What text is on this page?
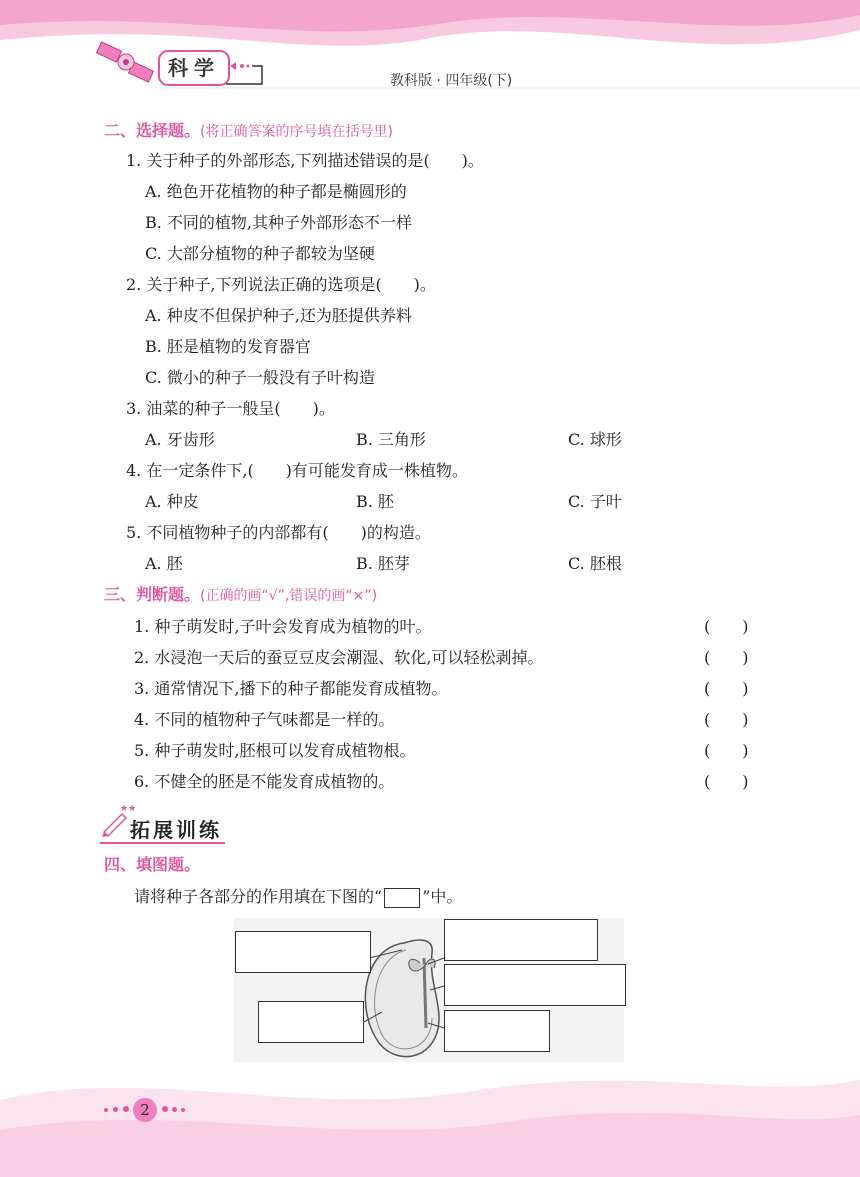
科学
教科版 · 四年级(下)
二、选择题。(将正确答案的序号填在括号里)
1. 关于种子的外部形态,下列描述错误的是(　　)。
A. 绝色开花植物的种子都是椭圆形的
B. 不同的植物,其种子外部形态不一样
C. 大部分植物的种子都较为坚硬
2. 关于种子,下列说法正确的选项是(　　)。
A. 种皮不但保护种子,还为胚提供养料
B. 胚是植物的发育器官
C. 微小的种子一般没有子叶构造
3. 油菜的种子一般呈(　　)。
A. 牙齿形	B. 三角形	C. 球形
4. 在一定条件下,(　　)有可能发育成一株植物。
A. 种皮	B. 胚	C. 子叶
5. 不同植物种子的内部都有(　　)的构造。
A. 胚	B. 胚芽	C. 胚根
三、判断题。(正确的画“√”,错误的画“×”)
1. 种子萌发时,子叶会发育成为植物的叶。	(　　)
2. 水浸泡一天后的蚕豆豆皮会潮湿、软化,可以轻松剥掉。	(　　)
3. 通常情况下,播下的种子都能发育成植物。	(　　)
4. 不同的植物种子气味都是一样的。	(　　)
5. 种子萌发时,胚根可以发育成植物根。	(　　)
6. 不健全的胚是不能发育成植物的。	(　　)
★★
拓展训练
四、填图题。
请将种子各部分的作用填在下图的“	”中。
2
